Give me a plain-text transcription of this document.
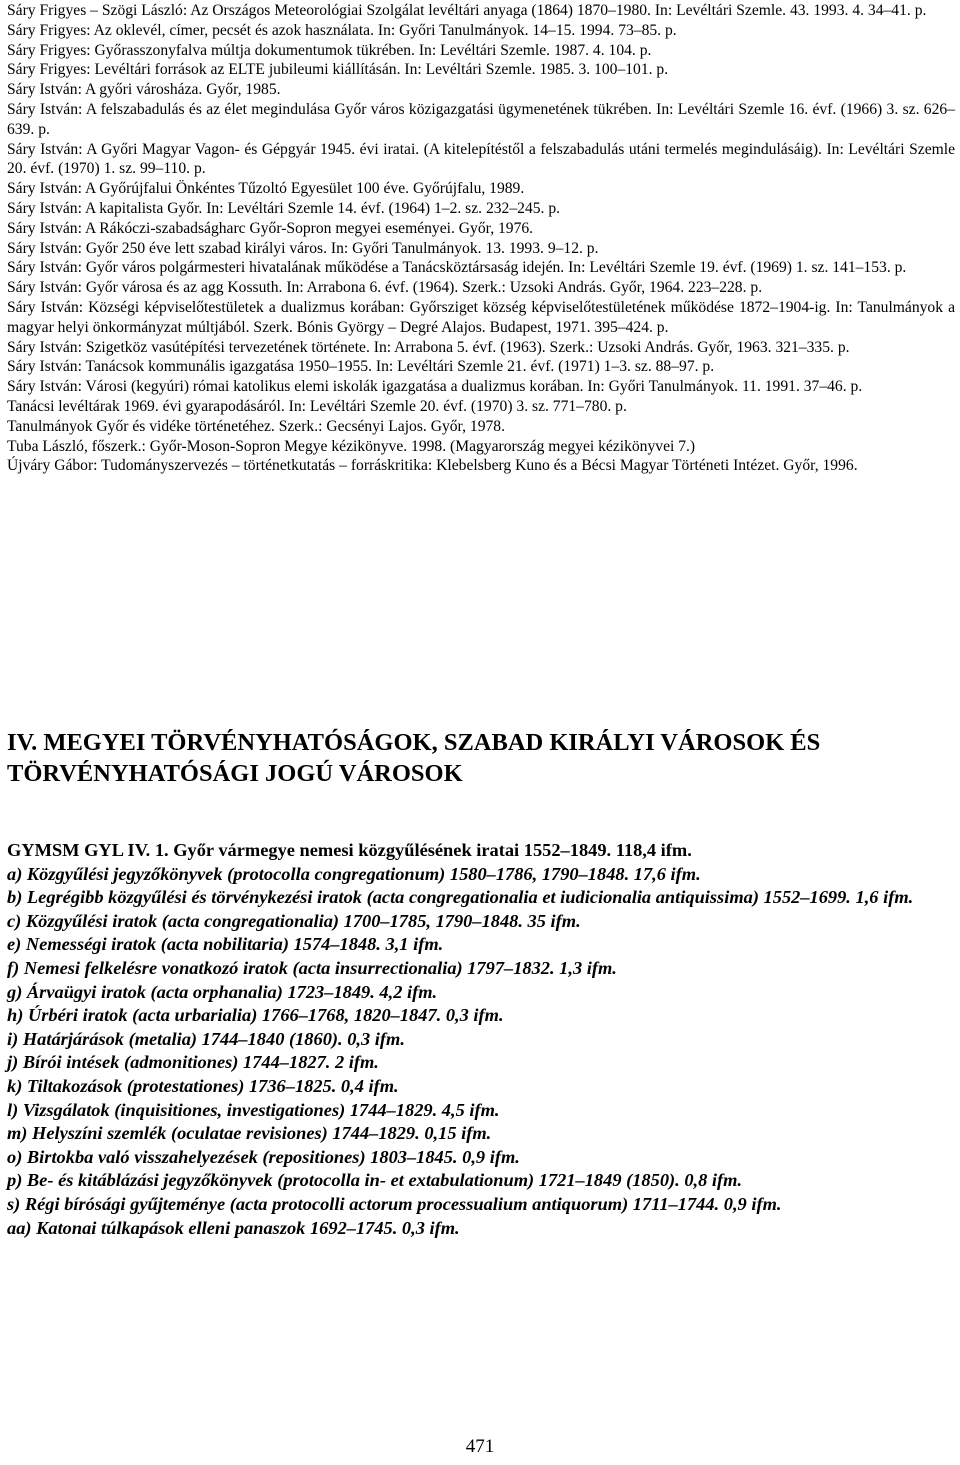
Sáry Frigyes – Szögi László: Az Országos Meteorológiai Szolgálat levéltári anyaga (1864) 1870–1980. In: Levéltári Szemle. 43. 1993. 4. 34–41. p.

Sáry Frigyes: Az oklevél, címer, pecsét és azok használata. In: Győri Tanulmányok. 14–15. 1994. 73–85. p.

Sáry Frigyes: Győrasszonyfalva múltja dokumentumok tükrében. In: Levéltári Szemle. 1987. 4. 104. p.

Sáry Frigyes: Levéltári források az ELTE jubileumi kiállításán. In: Levéltári Szemle. 1985. 3. 100–101. p.

Sáry István: A győri városháza. Győr, 1985.

Sáry István: A felszabadulás és az élet megindulása Győr város közigazgatási ügymenetének tükrében. In: Levéltári Szemle 16. évf. (1966) 3. sz. 626–639. p.

Sáry István: A Győri Magyar Vagon- és Gépgyár 1945. évi iratai. (A kitelepítéstől a felszabadulás utáni termelés megindulásáig). In: Levéltári Szemle 20. évf. (1970) 1. sz. 99–110. p.

Sáry István: A Győrújfalui Önkéntes Tűzoltó Egyesület 100 éve. Győrújfalu, 1989.

Sáry István: A kapitalista Győr. In: Levéltári Szemle 14. évf. (1964) 1–2. sz. 232–245. p.

Sáry István: A Rákóczi-szabadságharc Győr-Sopron megyei eseményei. Győr, 1976.

Sáry István: Győr 250 éve lett szabad királyi város. In: Győri Tanulmányok. 13. 1993. 9–12. p.

Sáry István: Győr város polgármesteri hivatalának működése a Tanácsköztársaság idején. In: Levéltári Szemle 19. évf. (1969) 1. sz. 141–153. p.

Sáry István: Győr városa és az agg Kossuth. In: Arrabona 6. évf. (1964). Szerk.: Uzsoki András. Győr, 1964. 223–228. p.

Sáry István: Községi képviselőtestületek a dualizmus korában: Győrsziget község képviselőtestületének működése 1872–1904-ig. In: Tanulmányok a magyar helyi önkormányzat múltjából. Szerk. Bónis György – Degré Alajos. Budapest, 1971. 395–424. p.

Sáry István: Szigetköz vasútépítési tervezetének története. In: Arrabona 5. évf. (1963). Szerk.: Uzsoki András. Győr, 1963. 321–335. p.

Sáry István: Tanácsok kommunális igazgatása 1950–1955. In: Levéltári Szemle 21. évf. (1971) 1–3. sz. 88–97. p.

Sáry István: Városi (kegyúri) római katolikus elemi iskolák igazgatása a dualizmus korában. In: Győri Tanulmányok. 11. 1991. 37–46. p.

Tanácsi levéltárak 1969. évi gyarapodásáról. In: Levéltári Szemle 20. évf. (1970) 3. sz. 771–780. p.

Tanulmányok Győr és vidéke történetéhez. Szerk.: Gecsényi Lajos. Győr, 1978.

Tuba László, főszerk.: Győr-Moson-Sopron Megye kézikönyve. 1998. (Magyarország megyei kézikönyvei 7.)

Újváry Gábor: Tudományszervezés – történetkutatás – forráskritika: Klebelsberg Kuno és a Bécsi Magyar Történeti Intézet. Győr, 1996.

IV. MEGYEI TÖRVÉNYHATÓSÁGOK, SZABAD KIRÁLYI VÁROSOK ÉS TÖRVÉNYHATÓSÁGI JOGÚ VÁROSOK

GYMSM GYL IV. 1. Győr vármegye nemesi közgyűlésének iratai 1552–1849. 118,4 ifm.

a) Közgyűlési jegyzőkönyvek (protocolla congregationum) 1580–1786, 1790–1848. 17,6 ifm.

b) Legrégibb közgyűlési és törvénykezési iratok (acta congregationalia et iudicionalia antiquissima) 1552–1699. 1,6 ifm.

c) Közgyűlési iratok (acta congregationalia) 1700–1785, 1790–1848. 35 ifm.

e) Nemességi iratok (acta nobilitaria) 1574–1848. 3,1 ifm.

f) Nemesi felkelésre vonatkozó iratok (acta insurrectionalia) 1797–1832. 1,3 ifm.

g) Árvaügyi iratok (acta orphanalia) 1723–1849. 4,2 ifm.

h) Úrbéri iratok (acta urbarialia) 1766–1768, 1820–1847. 0,3 ifm.

i) Határjárások (metalia) 1744–1840 (1860). 0,3 ifm.

j) Bírói intések (admonitiones) 1744–1827. 2 ifm.

k) Tiltakozások (protestationes) 1736–1825. 0,4 ifm.

l) Vizsgálatok (inquisitiones, investigationes) 1744–1829. 4,5 ifm.

m) Helyszíni szemlék (oculatae revisiones) 1744–1829. 0,15 ifm.

o) Birtokba való visszahelyezések (repositiones) 1803–1845. 0,9 ifm.

p) Be- és kitáblázási jegyzőkönyvek (protocolla in- et extabulationum) 1721–1849 (1850). 0,8 ifm.

s) Régi bírósági gyűjteménye (acta protocolli actorum processualium antiquorum) 1711–1744. 0,9 ifm.

aa) Katonai túlkapások elleni panaszok 1692–1745. 0,3 ifm.

471
